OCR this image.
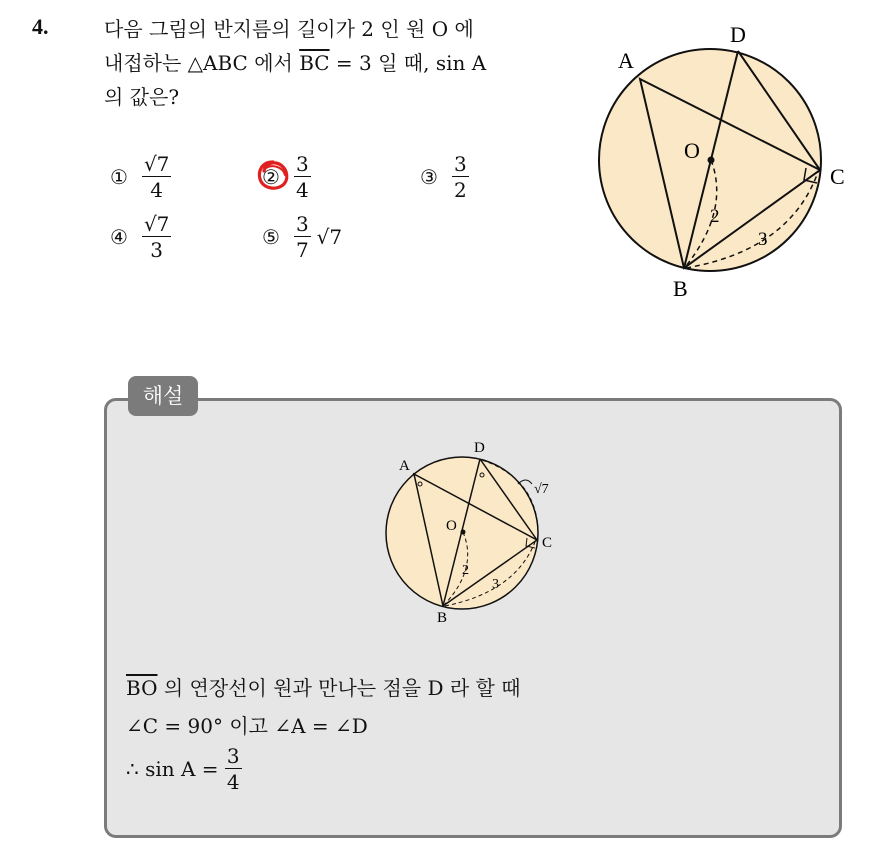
4.	다음 그림의 반지름의 길이가 2 인 원 O 에
내접하는 △ABC 에서 $\overline{BC} = 3$ 일 때, sin A
의 값은?
① $\frac{√7}{4}$	② $\frac{3}{4}$	③ $\frac{3}{2}$
④ $\frac{√7}{3}$	⑤ $\frac{3}{7} √7$
A
D
O
C
B
2
3
해설
A
D
O
C
B
2
3
√7
$\overline{BO}$ 의 연장선이 원과 만나는 점을 D 라 할 때
∠C = 90° 이고 ∠A = ∠D
∴ $\sin A = \frac{3}{4}$
